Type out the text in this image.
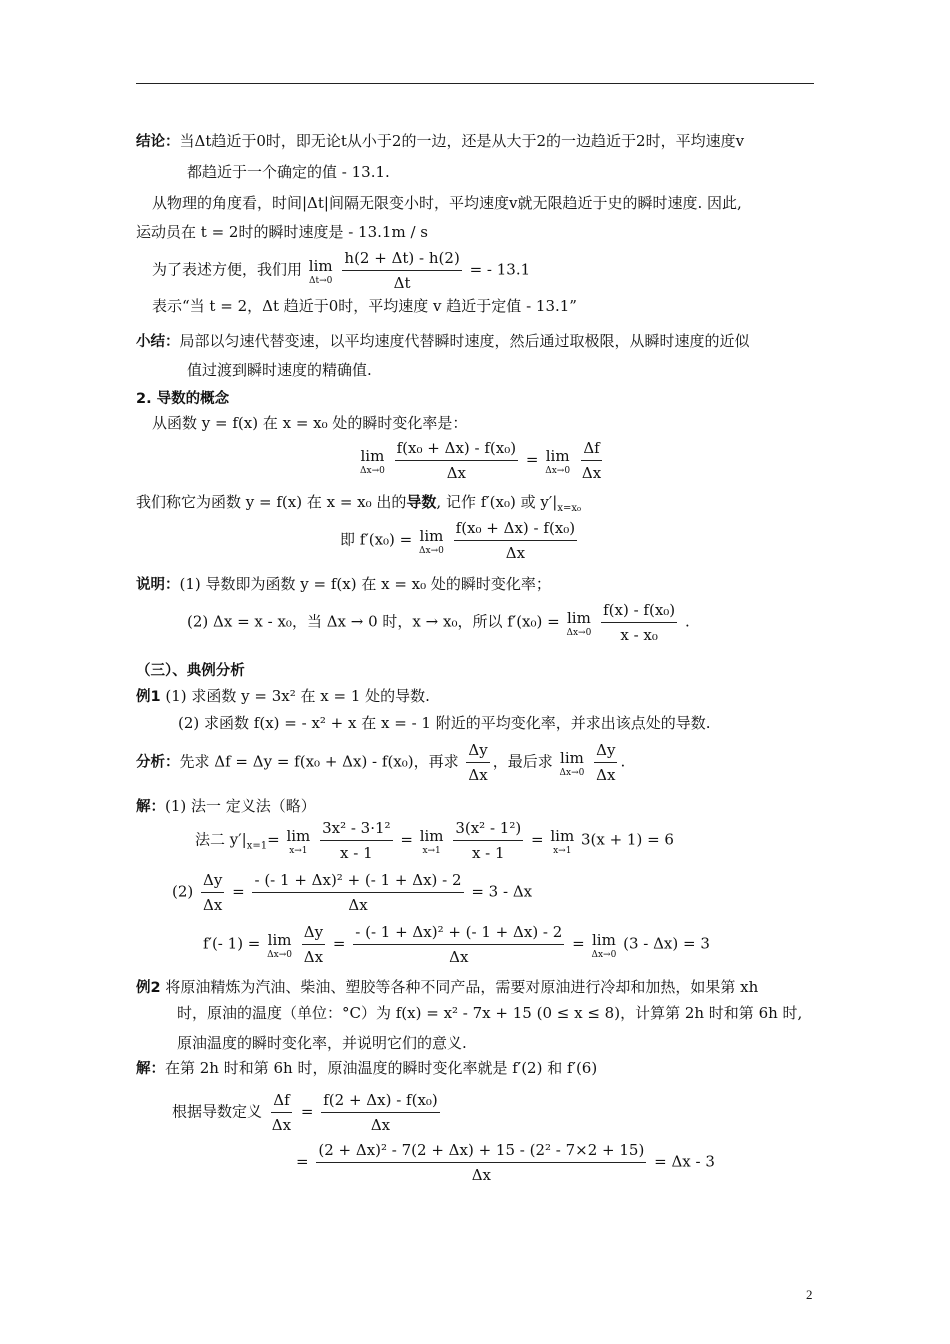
结论：当Δt趋近于0时，即无论t从小于2的一边，还是从大于2的一边趋近于2时，平均速度v
都趋近于一个确定的值 - 13.1.
从物理的角度看，时间|Δt|间隔无限变小时，平均速度v就无限趋近于史的瞬时速度. 因此,
运动员在 t = 2时的瞬时速度是 - 13.1m / s
为了表述方便，我们用 lim
Δt→0
$\frac{h(2 + \Delta t) - h(2)}{\Delta t}$ = - 13.1
表示“当 t = 2，Δt 趋近于0时，平均速度 v 趋近于定值 - 13.1”
小结：局部以匀速代替变速，以平均速度代替瞬时速度，然后通过取极限，从瞬时速度的近似
值过渡到瞬时速度的精确值.
2. 导数的概念
从函数 y = f(x) 在 x = x₀ 处的瞬时变化率是：
lim
Δx→0
$\frac{\text{f(x₀ + Δx) - f(x₀)}}{\Delta x} = \lim$
Δx→0
$\frac{\Delta f}{\Delta x}$
我们称它为函数 y = f(x) 在 x = x₀ 出的导数, 记作 f′(x₀) 或 $y'|_{x=x_0}$
即 f′(x₀) = lim
Δx→0
$\frac{\text{f(x₀ + Δx) - f(x₀)}}{\Delta x}$
说明：(1) 导数即为函数 y = f(x) 在 x = x₀ 处的瞬时变化率；
(2) Δx = x - x₀，当 Δx → 0 时，x → x₀，所以 f′(x₀) = lim
Δx→0
$\frac{\text{f(x) - f(x₀)}}{\text{x - x₀}}$ .
（三）、典例分析
例1 (1) 求函数 y = 3x² 在 x = 1 处的导数.
(2) 求函数 f(x) = - x² + x 在 x = - 1 附近的平均变化率，并求出该点处的导数.
分析：先求 Δf = Δy = f(x₀ + Δx) - f(x₀)，再求 $\frac{\Delta y}{\Delta x}$ ，最后求 lim
Δx→0
$\frac{\Delta y}{\Delta x}$ .
解：(1) 法一 定义法（略）
法二 $y'|_{x=1}= \lim$
x→1
$\frac{\text{3x² - 3·1²}}{x - 1} = \lim$
x→1
$\frac{\text{3(x² - 1²)}}{x - 1} = \lim$
x→1
3(x + 1) = 6
$(2) \frac{\Delta y}{\Delta x} = \frac{\text{- (- 1 + Δx)² + (- 1 + Δx) - 2}}{\Delta x} = 3 - \Delta x$
f′(- 1) = lim
Δx→0
$\frac{\Delta y}{\Delta x} = \frac{\text{- (- 1 + Δx)² + (- 1 + Δx) - 2}}{\Delta x} = \lim$
Δx→0
(3 - Δx) = 3
例2 将原油精炼为汽油、柴油、塑胶等各种不同产品，需要对原油进行冷却和加热，如果第 xh
时，原油的温度（单位：°C）为 f(x) = x² - 7x + 15 (0 ≤ x ≤ 8)，计算第 2h 时和第 6h 时,
原油温度的瞬时变化率，并说明它们的意义.
解：在第 2h 时和第 6h 时，原油温度的瞬时变化率就是 f′(2) 和 f′(6)
根据导数定义 $\frac{\Delta f}{\Delta x} = \frac{\text{f(2 + Δx) - f(x₀)}}{\Delta x}$
= $\frac{\text{(2 + Δx)² - 7(2 + Δx) + 15 - (2² - 7×2 + 15)}}{\Delta x} = \Delta x - 3$
2
